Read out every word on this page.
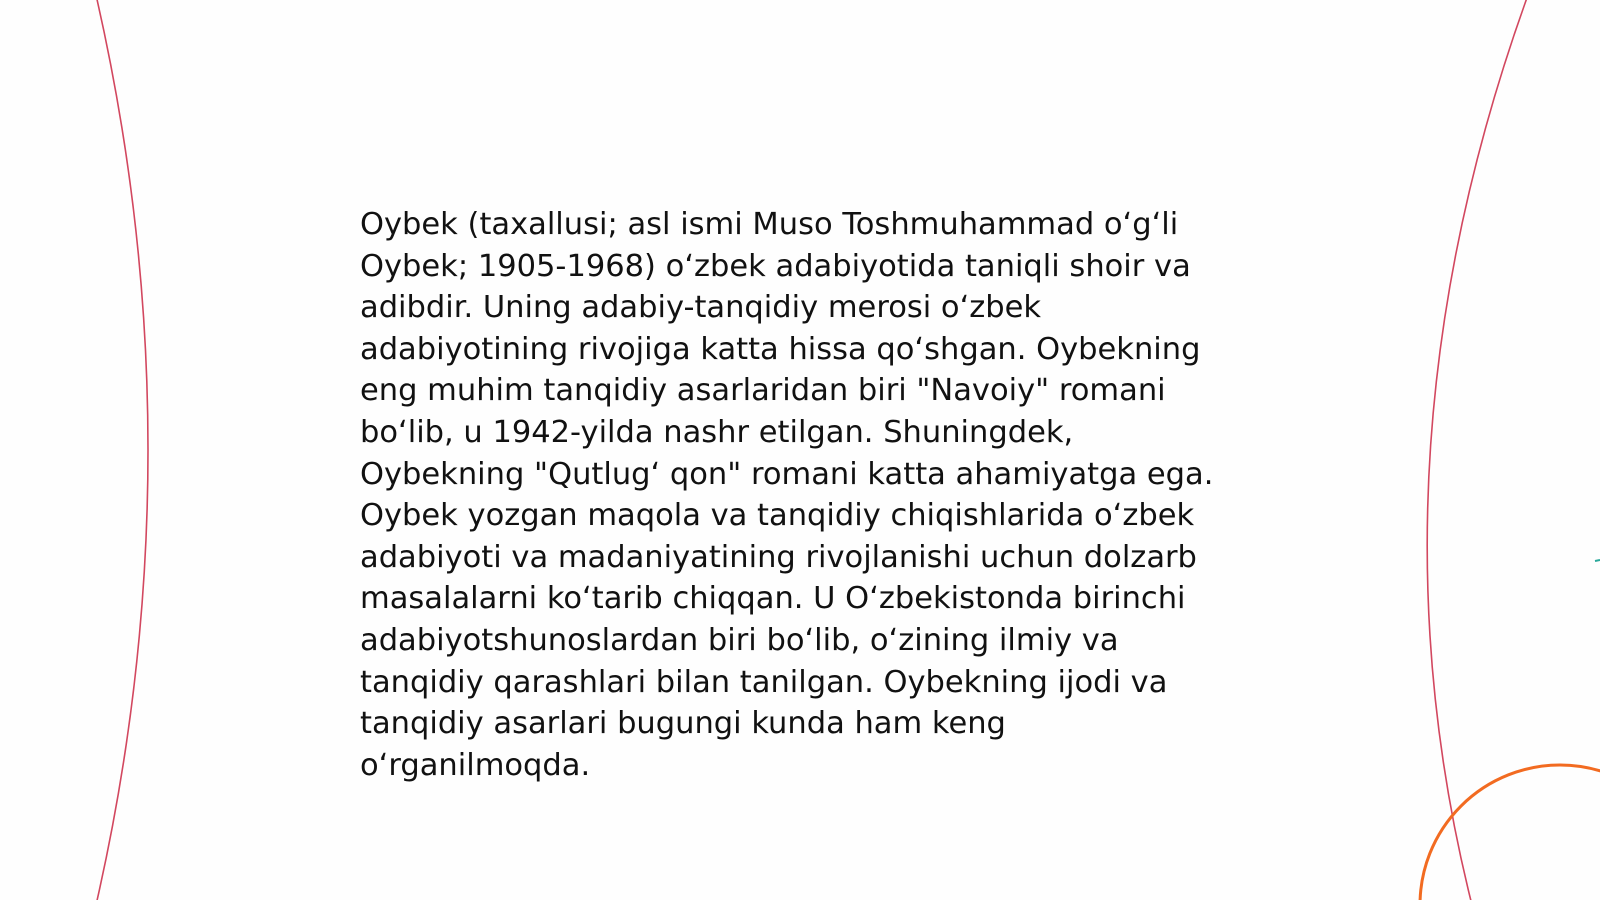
Oybek (taxallusi; asl ismi Muso Toshmuhammad oʻgʻli Oybek; 1905-1968) oʻzbek adabiyotida taniqli shoir va adibdir. Uning adabiy-tanqidiy merosi oʻzbek adabiyotining rivojiga katta hissa qoʻshgan. Oybekning eng muhim tanqidiy asarlaridan biri "Navoiy" romani boʻlib, u 1942-yilda nashr etilgan. Shuningdek, Oybekning "Qutlugʻ qon" romani katta ahamiyatga ega. Oybek yozgan maqola va tanqidiy chiqishlarida oʻzbek adabiyoti va madaniyatining rivojlanishi uchun dolzarb masalalarni koʻtarib chiqqan. U Oʻzbekistonda birinchi adabiyotshunoslardan biri boʻlib, oʻzining ilmiy va tanqidiy qarashlari bilan tanilgan. Oybekning ijodi va tanqidiy asarlari bugungi kunda ham keng oʻrganilmoqda.
